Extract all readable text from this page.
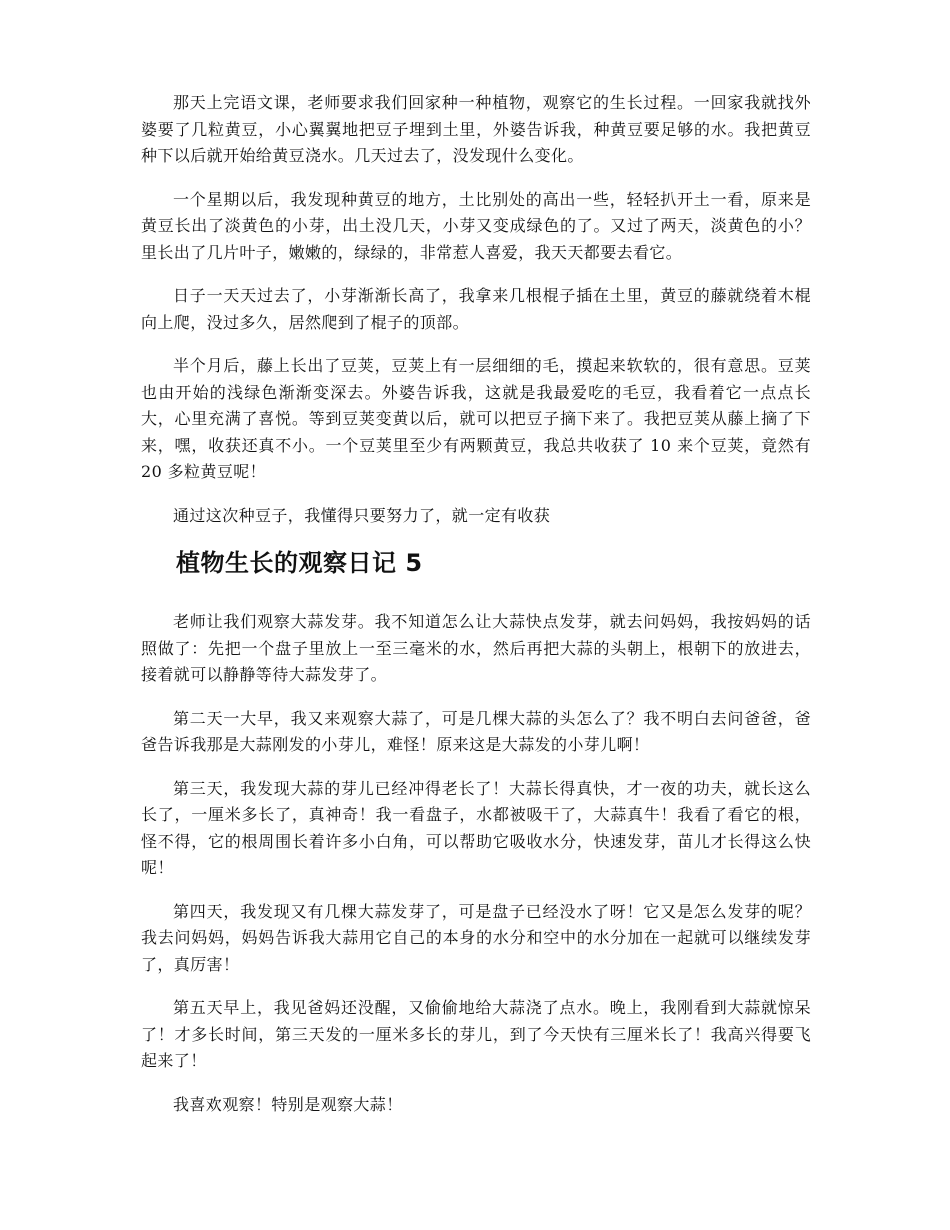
那天上完语文课，老师要求我们回家种一种植物，观察它的生长过程。一回家我就找外婆要了几粒黄豆，小心翼翼地把豆子埋到土里，外婆告诉我，种黄豆要足够的水。我把黄豆种下以后就开始给黄豆浇水。几天过去了，没发现什么变化。

一个星期以后，我发现种黄豆的地方，土比别处的高出一些，轻轻扒开土一看，原来是黄豆长出了淡黄色的小芽，出土没几天，小芽又变成绿色的了。又过了两天，淡黄色的小？里长出了几片叶子，嫩嫩的，绿绿的，非常惹人喜爱，我天天都要去看它。

日子一天天过去了，小芽渐渐长高了，我拿来几根棍子插在土里，黄豆的藤就绕着木棍向上爬，没过多久，居然爬到了棍子的顶部。

半个月后，藤上长出了豆荚，豆荚上有一层细细的毛，摸起来软软的，很有意思。豆荚也由开始的浅绿色渐渐变深去。外婆告诉我，这就是我最爱吃的毛豆，我看着它一点点长大，心里充满了喜悦。等到豆荚变黄以后，就可以把豆子摘下来了。我把豆荚从藤上摘了下来，嘿，收获还真不小。一个豆荚里至少有两颗黄豆，我总共收获了 10 来个豆荚，竟然有 20 多粒黄豆呢！

通过这次种豆子，我懂得只要努力了，就一定有收获

植物生长的观察日记 5

老师让我们观察大蒜发芽。我不知道怎么让大蒜快点发芽，就去问妈妈，我按妈妈的话照做了：先把一个盘子里放上一至三毫米的水，然后再把大蒜的头朝上，根朝下的放进去，接着就可以静静等待大蒜发芽了。

第二天一大早，我又来观察大蒜了，可是几棵大蒜的头怎么了？我不明白去问爸爸，爸爸告诉我那是大蒜刚发的小芽儿，难怪！原来这是大蒜发的小芽儿啊！

第三天，我发现大蒜的芽儿已经冲得老长了！大蒜长得真快，才一夜的功夫，就长这么长了，一厘米多长了，真神奇！我一看盘子，水都被吸干了，大蒜真牛！我看了看它的根，怪不得，它的根周围长着许多小白角，可以帮助它吸收水分，快速发芽，苗儿才长得这么快呢！

第四天，我发现又有几棵大蒜发芽了，可是盘子已经没水了呀！它又是怎么发芽的呢？我去问妈妈，妈妈告诉我大蒜用它自己的本身的水分和空中的水分加在一起就可以继续发芽了，真厉害！

第五天早上，我见爸妈还没醒，又偷偷地给大蒜浇了点水。晚上，我刚看到大蒜就惊呆了！才多长时间，第三天发的一厘米多长的芽儿，到了今天快有三厘米长了！我高兴得要飞起来了！

我喜欢观察！特别是观察大蒜！
